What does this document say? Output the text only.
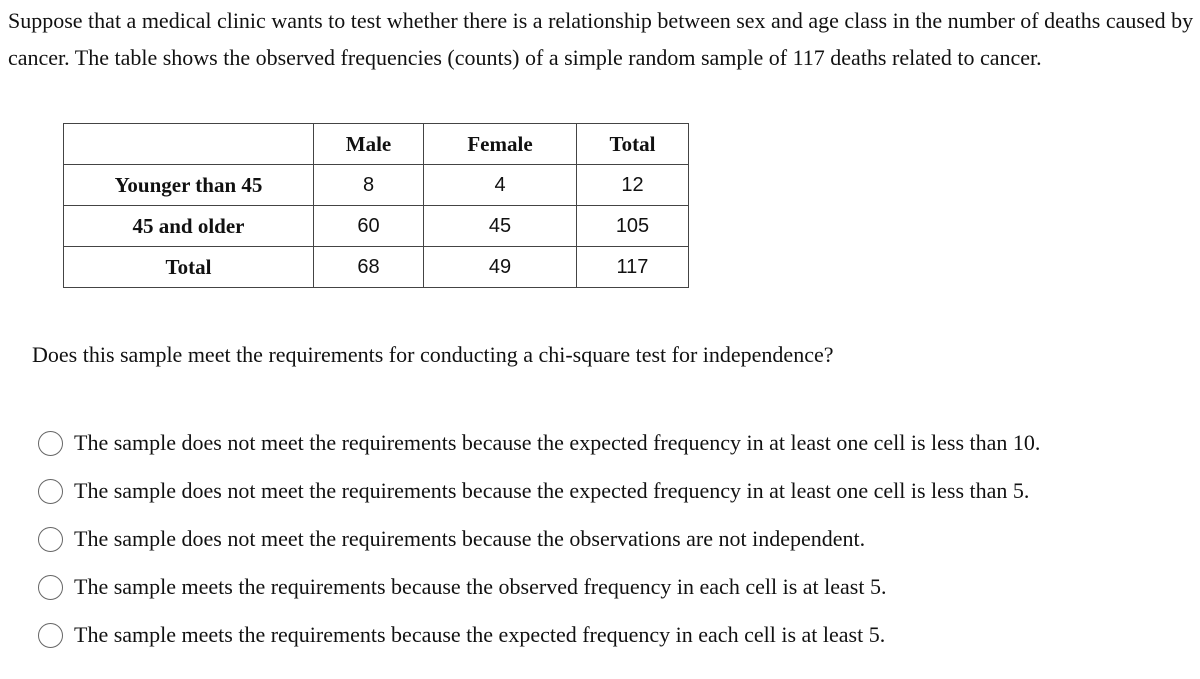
Suppose that a medical clinic wants to test whether there is a relationship between sex and age class in the number of deaths caused by cancer. The table shows the observed frequencies (counts) of a simple random sample of 117 deaths related to cancer.

	Male	Female	Total
Younger than 45	8	4	12
45 and older	60	45	105
Total	68	49	117

Does this sample meet the requirements for conducting a chi-square test for independence?

The sample does not meet the requirements because the expected frequency in at least one cell is less than 10.
The sample does not meet the requirements because the expected frequency in at least one cell is less than 5.
The sample does not meet the requirements because the observations are not independent.
The sample meets the requirements because the observed frequency in each cell is at least 5.
The sample meets the requirements because the expected frequency in each cell is at least 5.
